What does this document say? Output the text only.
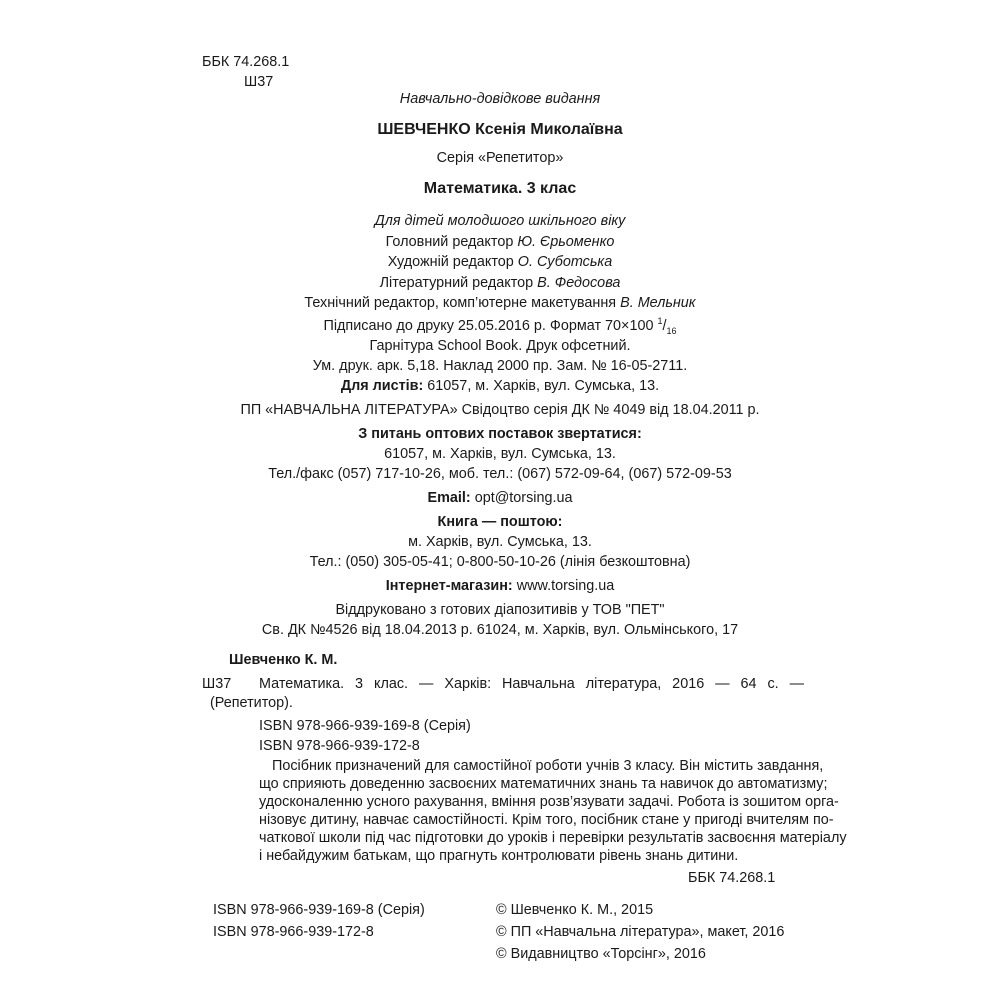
ББК 74.268.1
Ш37
Навчально-довідкове видання
ШЕВЧЕНКО Ксенія Миколаївна
Серія «Репетитор»
Математика. 3 клас
Для дітей молодшого шкільного віку
Головний редактор Ю. Єрьоменко
Художній редактор О. Суботська
Літературний редактор В. Федосова
Технічний редактор, комп’ютерне макетування В. Мельник
Підписано до друку 25.05.2016 р. Формат 70×100 $^1/_{16}$
Гарнітура School Book. Друк офсетний.
Ум. друк. арк. 5,18. Наклад 2000 пр. Зам. № 16-05-2711.
Для листів: 61057, м. Харків, вул. Сумська, 13.
ПП «НАВЧАЛЬНА ЛІТЕРАТУРА» Свідоцтво серія ДК № 4049 від 18.04.2011 р.
З питань оптових поставок звертатися:
61057, м. Харків, вул. Сумська, 13.
Тел./факс (057) 717-10-26, моб. тел.: (067) 572-09-64, (067) 572-09-53
Email: opt@torsing.ua
Книга — поштою:
м. Харків, вул. Сумська, 13.
Тел.: (050) 305-05-41; 0-800-50-10-26 (лінія безкоштовна)
Інтернет-магазин: www.torsing.ua
Віддруковано з готових діапозитивів у ТОВ "ПЕТ"
Св. ДК №4526 від 18.04.2013 р. 61024, м. Харків, вул. Ольмінського, 17
Шевченко К. М.
Ш37 Математика. 3 клас. — Харків: Навчальна література, 2016 — 64 с. —
(Репетитор).
ISBN 978-966-939-169-8 (Серія)
ISBN 978-966-939-172-8
Посібник призначений для самостійної роботи учнів 3 класу. Він містить завдання,
що сприяють доведенню засвоєних математичних знань та навичок до автоматизму;
удосконаленню усного рахування, вміння розв’язувати задачі. Робота із зошитом орга-
нізовує дитину, навчає самостійності. Крім того, посібник стане у пригоді вчителям по-
чаткової школи під час підготовки до уроків і перевірки результатів засвоєння матеріалу
і небайдужим батькам, що прагнуть контролювати рівень знань дитини.
ББК 74.268.1
ISBN 978-966-939-169-8 (Серія)
ISBN 978-966-939-172-8
© Шевченко К. М., 2015
© ПП «Навчальна література», макет, 2016
© Видавництво «Торсінг», 2016
